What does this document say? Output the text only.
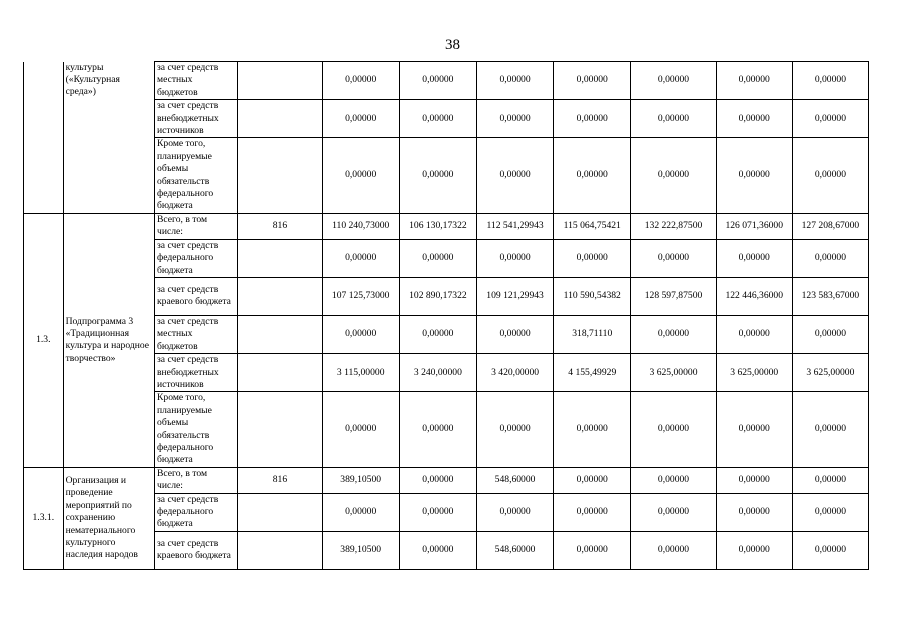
38
	культуры («Культурная среда»)	за счет средств местных бюджетов		0,00000	0,00000	0,00000	0,00000	0,00000	0,00000	0,00000
		за счет средств внебюджетных источников		0,00000	0,00000	0,00000	0,00000	0,00000	0,00000	0,00000
		Кроме того, планируемые объемы обязательств федерального бюджета		0,00000	0,00000	0,00000	0,00000	0,00000	0,00000	0,00000
1.3.	Подпрограмма 3 «Традиционная культура и народное творчество»	Всего, в том числе:	816	110 240,73000	106 130,17322	112 541,29943	115 064,75421	132 222,87500	126 071,36000	127 208,67000
		за счет средств федерального бюджета		0,00000	0,00000	0,00000	0,00000	0,00000	0,00000	0,00000
		за счет средств краевого бюджета		107 125,73000	102 890,17322	109 121,29943	110 590,54382	128 597,87500	122 446,36000	123 583,67000
		за счет средств местных бюджетов		0,00000	0,00000	0,00000	318,71110	0,00000	0,00000	0,00000
		за счет средств внебюджетных источников		3 115,00000	3 240,00000	3 420,00000	4 155,49929	3 625,00000	3 625,00000	3 625,00000
		Кроме того, планируемые объемы обязательств федерального бюджета		0,00000	0,00000	0,00000	0,00000	0,00000	0,00000	0,00000
1.3.1.	Организация и проведение мероприятий по сохранению нематериального культурного наследия народов	Всего, в том числе:	816	389,10500	0,00000	548,60000	0,00000	0,00000	0,00000	0,00000
		за счет средств федерального бюджета		0,00000	0,00000	0,00000	0,00000	0,00000	0,00000	0,00000
		за счет средств краевого бюджета		389,10500	0,00000	548,60000	0,00000	0,00000	0,00000	0,00000
